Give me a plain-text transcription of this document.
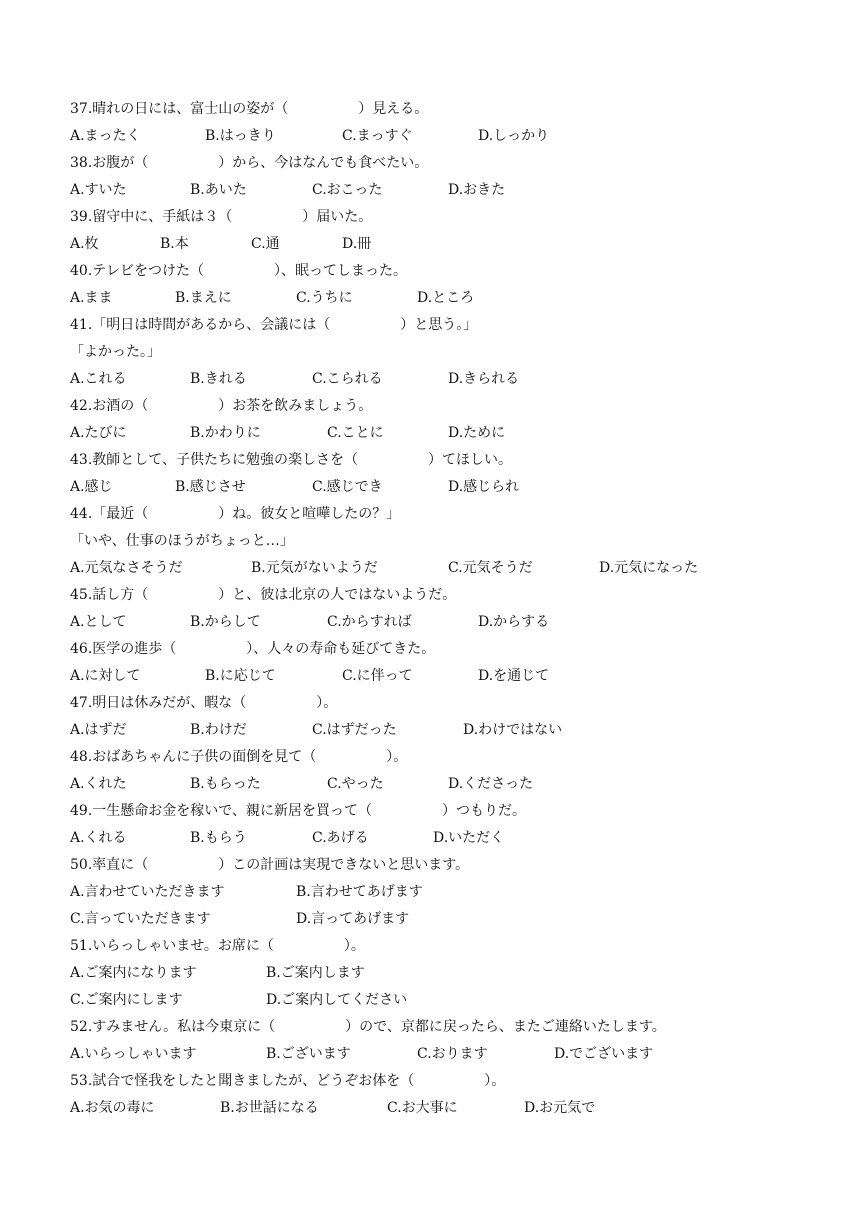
37.晴れの日には、富士山の姿が（　　　　　）見える。
A.まったく	B.はっきり	C.まっすぐ	D.しっかり
38.お腹が（　　　　　）から、今はなんでも食べたい。
A.すいた	B.あいた	C.おこった	D.おきた
39.留守中に、手紙は３（　　　　　）届いた。
A.枚	B.本	C.通	D.冊
40.テレビをつけた（　　　　　）、眠ってしまった。
A.まま	B.まえに	C.うちに	D.ところ
41.「明日は時間があるから、会議には（　　　　　）と思う。」
「よかった。」
A.これる	B.きれる	C.こられる	D.きられる
42.お酒の（　　　　　）お茶を飲みましょう。
A.たびに	B.かわりに	C.ことに	D.ために
43.教師として、子供たちに勉強の楽しさを（　　　　　）てほしい。
A.感じ	B.感じさせ	C.感じでき	D.感じられ
44.「最近（　　　　　）ね。彼女と喧嘩したの？」
「いや、仕事のほうがちょっと…」
A.元気なさそうだ	B.元気がないようだ	C.元気そうだ	D.元気になった
45.話し方（　　　　　）と、彼は北京の人ではないようだ。
A.として	B.からして	C.からすれば	D.からする
46.医学の進歩（　　　　　）、人々の寿命も延びてきた。
A.に対して	B.に応じて	C.に伴って	D.を通じて
47.明日は休みだが、暇な（　　　　　）。
A.はずだ	B.わけだ	C.はずだった	D.わけではない
48.おばあちゃんに子供の面倒を見て（　　　　　）。
A.くれた	B.もらった	C.やった	D.くださった
49.一生懸命お金を稼いで、親に新居を買って（　　　　　）つもりだ。
A.くれる	B.もらう	C.あげる	D.いただく
50.率直に（　　　　　）この計画は実現できないと思います。
A.言わせていただきます	B.言わせてあげます
C.言っていただきます	D.言ってあげます
51.いらっしゃいませ。お席に（　　　　　）。
A.ご案内になります	B.ご案内します
C.ご案内にします	D.ご案内してください
52.すみません。私は今東京に（　　　　　）ので、京都に戻ったら、またご連絡いたします。
A.いらっしゃいます	B.ございます	C.おります	D.でございます
53.試合で怪我をしたと聞きましたが、どうぞお体を（　　　　　）。
A.お気の毒に	B.お世話になる	C.お大事に	D.お元気で
